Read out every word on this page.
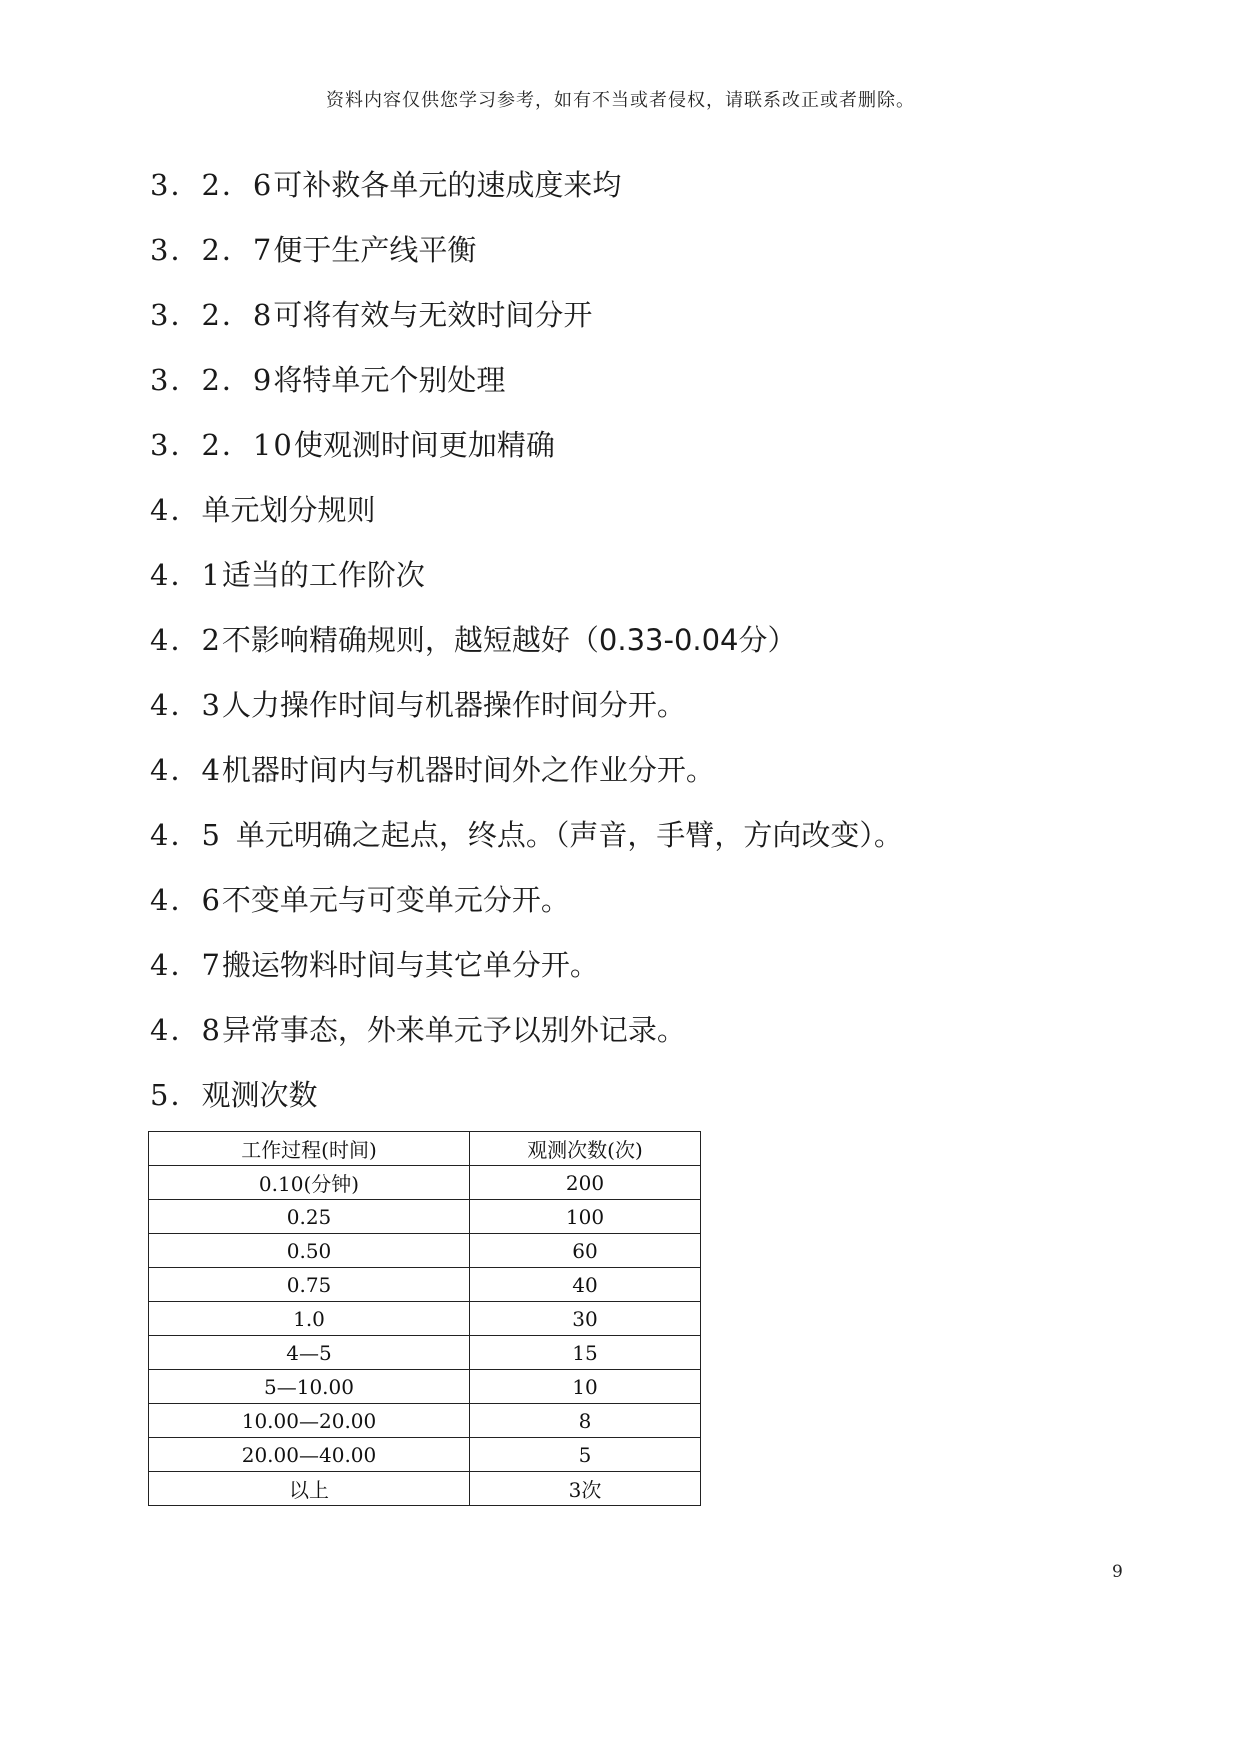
资料内容仅供您学习参考，如有不当或者侵权，请联系改正或者删除。
3．2．6可补救各单元的速成度来均
3．2．7便于生产线平衡
3．2．8可将有效与无效时间分开
3．2．9将特单元个别处理
3．2．10使观测时间更加精确
4．单元划分规则
4．1适当的工作阶次
4．2不影响精确规则，越短越好（0.33-0.04分）
4．3人力操作时间与机器操作时间分开。
4．4机器时间内与机器时间外之作业分开。
4．5 单元明确之起点，终点。（声音，手臂，方向改变）。
4．6不变单元与可变单元分开。
4．7搬运物料时间与其它单分开。
4．8异常事态，外来单元予以别外记录。
5．观测次数
工作过程(时间)	观测次数(次)
0.10(分钟)	200
0.25	100
0.50	60
0.75	40
1.0	30
4—5	15
5—10.00	10
10.00—20.00	8
20.00—40.00	5
以上	3次
9
